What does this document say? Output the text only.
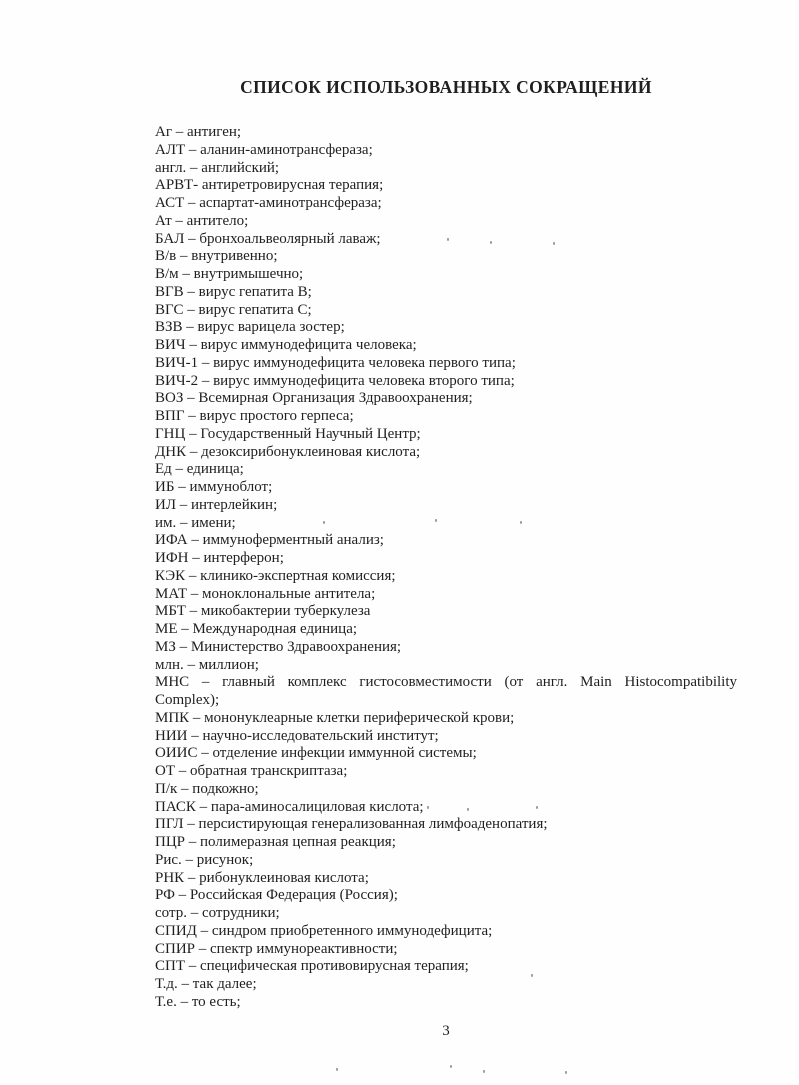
СПИСОК ИСПОЛЬЗОВАННЫХ СОКРАЩЕНИЙ
Аг – антиген;
АЛТ – аланин-аминотрансфераза;
англ. – английский;
АРВТ- антиретровирусная терапия;
АСТ – аспартат-аминотрансфераза;
Ат – антитело;
БАЛ – бронхоальвеолярный лаваж;
В/в – внутривенно;
В/м – внутримышечно;
ВГВ – вирус гепатита В;
ВГС – вирус гепатита С;
ВЗВ – вирус варицела зостер;
ВИЧ – вирус иммунодефицита человека;
ВИЧ-1 – вирус иммунодефицита человека первого типа;
ВИЧ-2 – вирус иммунодефицита человека второго типа;
ВОЗ – Всемирная Организация Здравоохранения;
ВПГ – вирус простого герпеса;
ГНЦ – Государственный Научный Центр;
ДНК – дезоксирибонуклеиновая кислота;
Ед – единица;
ИБ – иммуноблот;
ИЛ – интерлейкин;
им. – имени;
ИФА – иммуноферментный анализ;
ИФН – интерферон;
КЭК – клинико-экспертная комиссия;
МАТ – моноклональные антитела;
МБТ – микобактерии туберкулеза
МЕ – Международная единица;
МЗ – Министерство Здравоохранения;
млн. – миллион;
МНС – главный комплекс гистосовместимости (от англ. Main Histocompatibility
Complex);
МПК – мононуклеарные клетки периферической крови;
НИИ – научно-исследовательский институт;
ОИИС – отделение инфекции иммунной системы;
ОТ – обратная транскриптаза;
П/к – подкожно;
ПАСК – пара-аминосалициловая кислота;
ПГЛ – персистирующая генерализованная лимфоаденопатия;
ПЦР – полимеразная цепная реакция;
Рис. – рисунок;
РНК – рибонуклеиновая кислота;
РФ – Российская Федерация (Россия);
сотр. – сотрудники;
СПИД – синдром приобретенного иммунодефицита;
СПИР – спектр иммунореактивности;
СПТ – специфическая противовирусная терапия;
Т.д. – так далее;
Т.е. – то есть;
3
